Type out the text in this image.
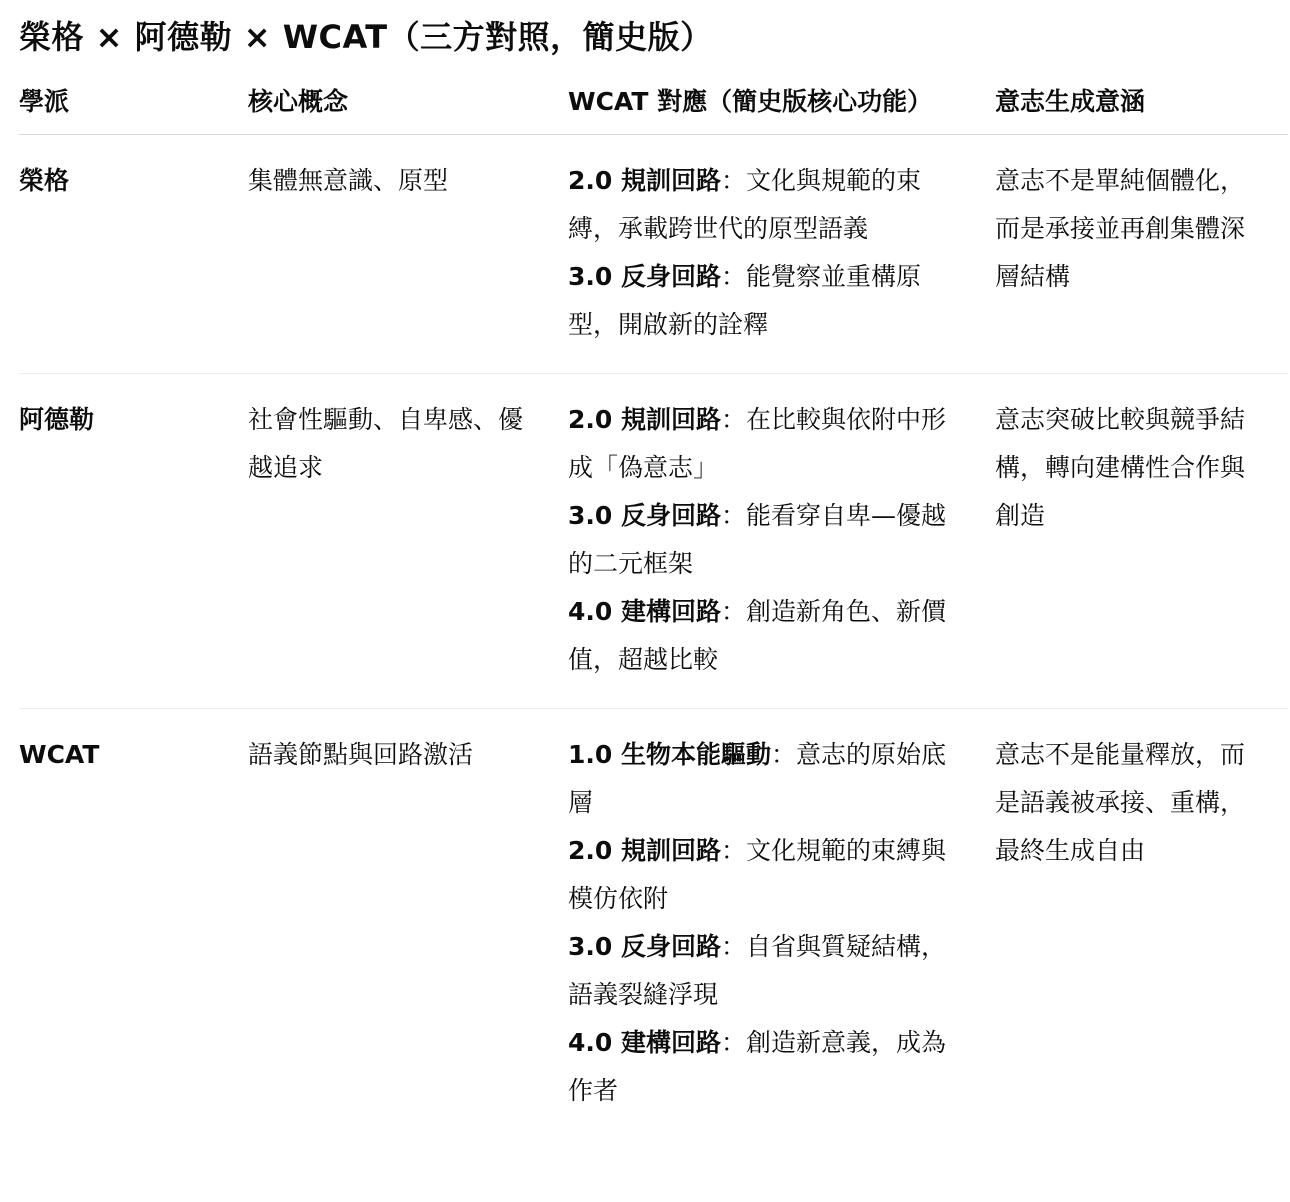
榮格 × 阿德勒 × WCAT（三方對照，簡史版）
學派	核心概念	WCAT 對應（簡史版核心功能）	意志生成意涵
榮格	集體無意識、原型	2.0 規訓回路：文化與規範的束縛，承載跨世代的原型語義
3.0 反身回路：能覺察並重構原型，開啟新的詮釋	意志不是單純個體化，而是承接並再創集體深層結構
阿德勒	社會性驅動、自卑感、優越追求	2.0 規訓回路：在比較與依附中形成「偽意志」
3.0 反身回路：能看穿自卑—優越的二元框架
4.0 建構回路：創造新角色、新價值，超越比較	意志突破比較與競爭結構，轉向建構性合作與創造
WCAT	語義節點與回路激活	1.0 生物本能驅動：意志的原始底層
2.0 規訓回路：文化規範的束縛與模仿依附
3.0 反身回路：自省與質疑結構，語義裂縫浮現
4.0 建構回路：創造新意義，成為作者	意志不是能量釋放，而是語義被承接、重構，最終生成自由
